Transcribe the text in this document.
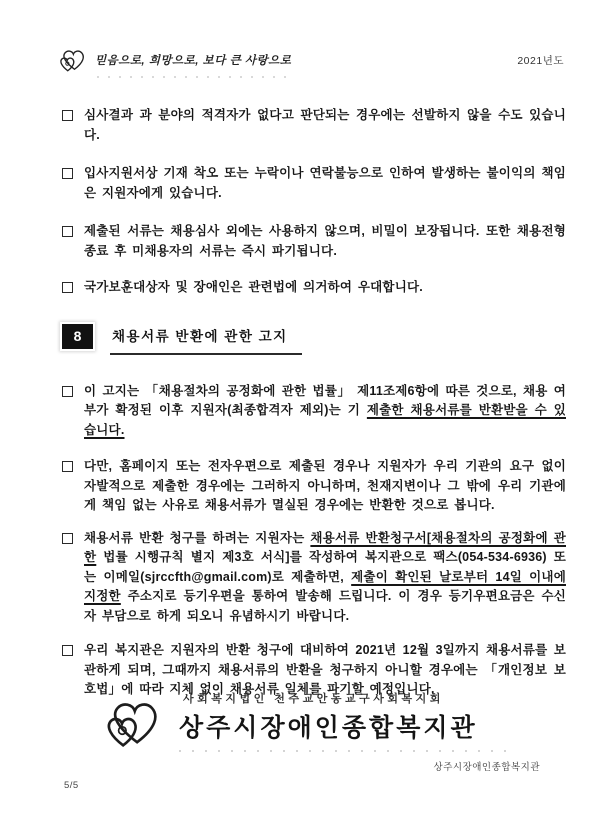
믿음으로, 희망으로, 보다 큰 사랑으로	2021년도
심사결과 과 분야의 적격자가 없다고 판단되는 경우에는 선발하지 않을 수도 있습니다.
입사지원서상 기재 착오 또는 누락이나 연락불능으로 인하여 발생하는 불이익의 책임은 지원자에게 있습니다.
제출된 서류는 채용심사 외에는 사용하지 않으며, 비밀이 보장됩니다. 또한 채용전형 종료 후 미채용자의 서류는 즉시 파기됩니다.
국가보훈대상자 및 장애인은 관련법에 의거하여 우대합니다.
8	채용서류 반환에 관한 고지
이 고지는 「채용절차의 공정화에 관한 법률」 제11조제6항에 따른 것으로, 채용 여부가 확정된 이후 지원자(최종합격자 제외)는 기 제출한 채용서류를 반환받을 수 있습니다.
다만, 홈페이지 또는 전자우편으로 제출된 경우나 지원자가 우리 기관의 요구 없이 자발적으로 제출한 경우에는 그러하지 아니하며, 천재지변이나 그 밖에 우리 기관에게 책임 없는 사유로 채용서류가 멸실된 경우에는 반환한 것으로 봅니다.
채용서류 반환 청구를 하려는 지원자는 채용서류 반환청구서[채용절차의 공정화에 관한 법률 시행규칙 별지 제3호 서식]를 작성하여 복지관으로 팩스(054-534-6936) 또는 이메일(sjrccfth@gmail.com)로 제출하면, 제출이 확인된 날로부터 14일 이내에 지정한 주소지로 등기우편을 통하여 발송해 드립니다. 이 경우 등기우편요금은 수신자 부담으로 하게 되오니 유념하시기 바랍니다.
우리 복지관은 지원자의 반환 청구에 대비하여 2021년 12월 3일까지 채용서류를 보관하게 되며, 그때까지 채용서류의 반환을 청구하지 아니할 경우에는 「개인정보 보호법」에 따라 지체 없이 채용서류 일체를 파기할 예정입니다.
사회복지법인 천주교안동교구사회복지회
상주시장애인종합복지관
상주시장애인종합복지관
5/5
